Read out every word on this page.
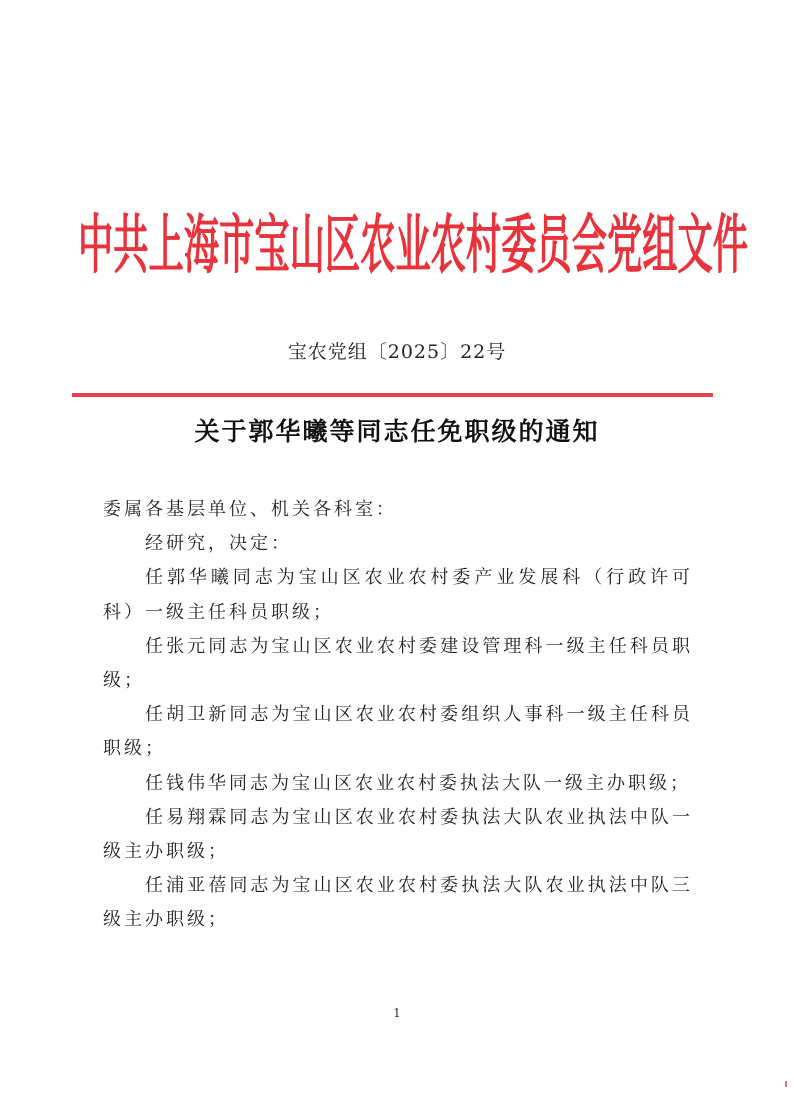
中共上海市宝山区农业农村委员会党组文件
宝农党组〔2025〕22号
关于郭华曦等同志任免职级的通知

委属各基层单位、机关各科室：

经研究，决定：

任郭华曦同志为宝山区农业农村委产业发展科（行政许可科）一级主任科员职级；

任张元同志为宝山区农业农村委建设管理科一级主任科员职级；

任胡卫新同志为宝山区农业农村委组织人事科一级主任科员职级；

任钱伟华同志为宝山区农业农村委执法大队一级主办职级；

任易翔霖同志为宝山区农业农村委执法大队农业执法中队一级主办职级；

任浦亚蓓同志为宝山区农业农村委执法大队农业执法中队三级主办职级；

1
